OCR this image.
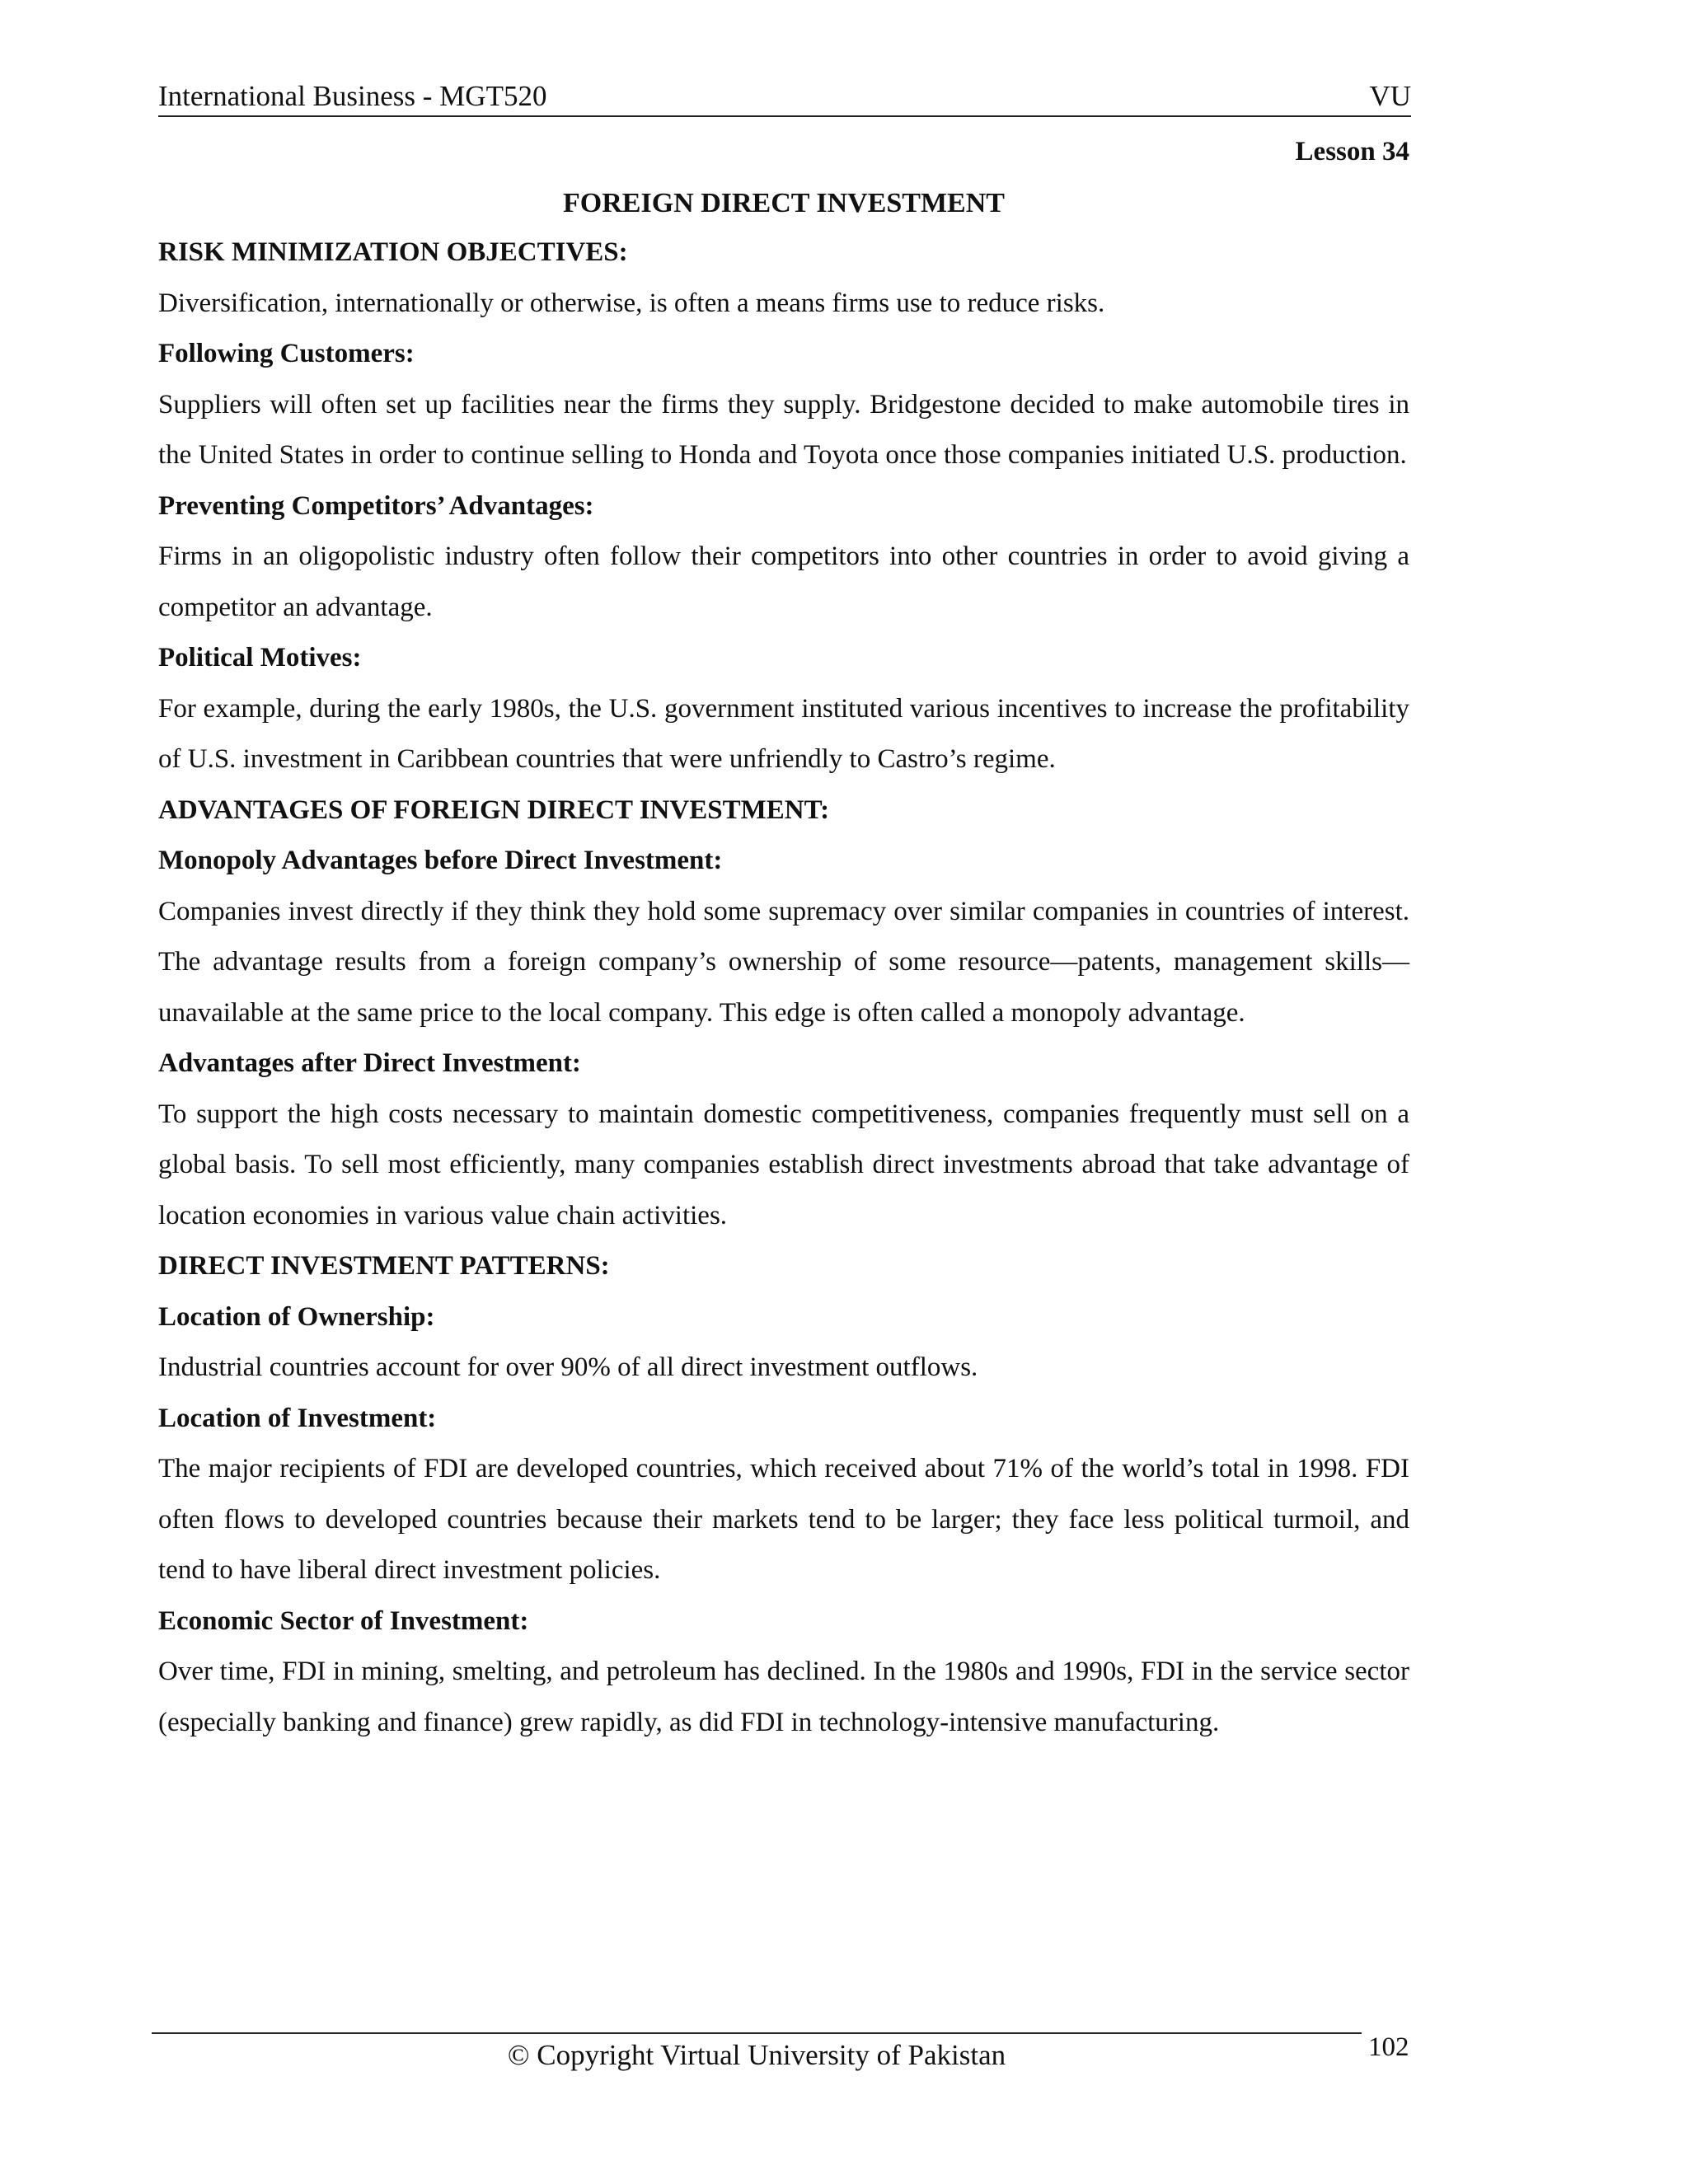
International Business - MGT520	VU
Lesson 34
FOREIGN DIRECT INVESTMENT
RISK MINIMIZATION OBJECTIVES:
Diversification, internationally or otherwise, is often a means firms use to reduce risks.
Following Customers:
Suppliers will often set up facilities near the firms they supply. Bridgestone decided to make automobile tires in the United States in order to continue selling to Honda and Toyota once those companies initiated U.S. production.
Preventing Competitors’ Advantages:
Firms in an oligopolistic industry often follow their competitors into other countries in order to avoid giving a competitor an advantage.
Political Motives:
For example, during the early 1980s, the U.S. government instituted various incentives to increase the profitability of U.S. investment in Caribbean countries that were unfriendly to Castro’s regime.
ADVANTAGES OF FOREIGN DIRECT INVESTMENT:
Monopoly Advantages before Direct Investment:
Companies invest directly if they think they hold some supremacy over similar companies in countries of interest. The advantage results from a foreign company’s ownership of some resource—patents, management skills—unavailable at the same price to the local company. This edge is often called a monopoly advantage.
Advantages after Direct Investment:
To support the high costs necessary to maintain domestic competitiveness, companies frequently must sell on a global basis. To sell most efficiently, many companies establish direct investments abroad that take advantage of location economies in various value chain activities.
DIRECT INVESTMENT PATTERNS:
Location of Ownership:
Industrial countries account for over 90% of all direct investment outflows.
Location of Investment:
The major recipients of FDI are developed countries, which received about 71% of the world’s total in 1998. FDI often flows to developed countries because their markets tend to be larger; they face less political turmoil, and tend to have liberal direct investment policies.
Economic Sector of Investment:
Over time, FDI in mining, smelting, and petroleum has declined. In the 1980s and 1990s, FDI in the service sector (especially banking and finance) grew rapidly, as did FDI in technology-intensive manufacturing.
© Copyright Virtual University of Pakistan	102
